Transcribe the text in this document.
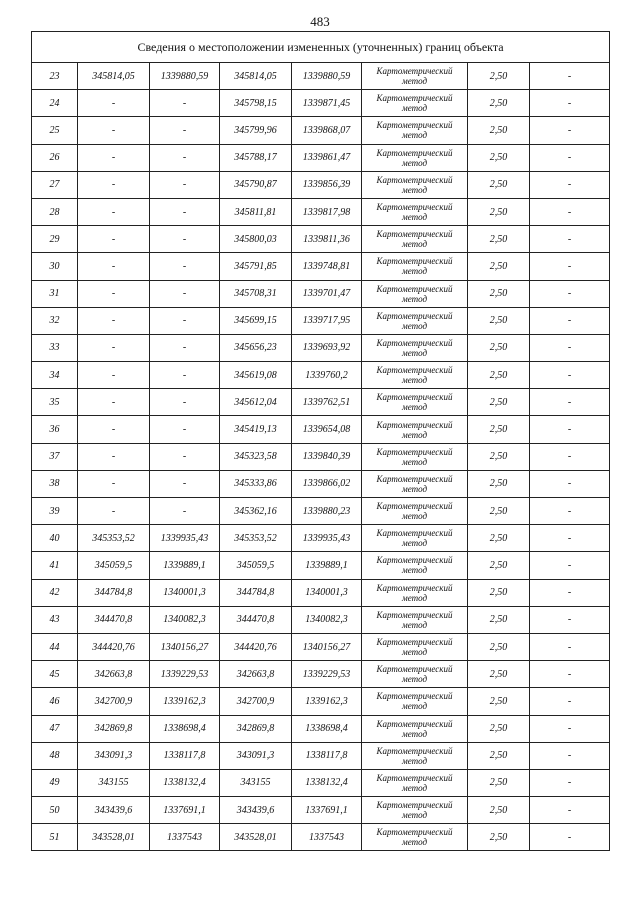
483
Сведения о местоположении измененных (уточненных) границ объекта							
23	345814,05	1339880,59	345814,05	1339880,59	Картометрический метод	2,50	-
24	-	-	345798,15	1339871,45	Картометрический метод	2,50	-
25	-	-	345799,96	1339868,07	Картометрический метод	2,50	-
26	-	-	345788,17	1339861,47	Картометрический метод	2,50	-
27	-	-	345790,87	1339856,39	Картометрический метод	2,50	-
28	-	-	345811,81	1339817,98	Картометрический метод	2,50	-
29	-	-	345800,03	1339811,36	Картометрический метод	2,50	-
30	-	-	345791,85	1339748,81	Картометрический метод	2,50	-
31	-	-	345708,31	1339701,47	Картометрический метод	2,50	-
32	-	-	345699,15	1339717,95	Картометрический метод	2,50	-
33	-	-	345656,23	1339693,92	Картометрический метод	2,50	-
34	-	-	345619,08	1339760,2	Картометрический метод	2,50	-
35	-	-	345612,04	1339762,51	Картометрический метод	2,50	-
36	-	-	345419,13	1339654,08	Картометрический метод	2,50	-
37	-	-	345323,58	1339840,39	Картометрический метод	2,50	-
38	-	-	345333,86	1339866,02	Картометрический метод	2,50	-
39	-	-	345362,16	1339880,23	Картометрический метод	2,50	-
40	345353,52	1339935,43	345353,52	1339935,43	Картометрический метод	2,50	-
41	345059,5	1339889,1	345059,5	1339889,1	Картометрический метод	2,50	-
42	344784,8	1340001,3	344784,8	1340001,3	Картометрический метод	2,50	-
43	344470,8	1340082,3	344470,8	1340082,3	Картометрический метод	2,50	-
44	344420,76	1340156,27	344420,76	1340156,27	Картометрический метод	2,50	-
45	342663,8	1339229,53	342663,8	1339229,53	Картометрический метод	2,50	-
46	342700,9	1339162,3	342700,9	1339162,3	Картометрический метод	2,50	-
47	342869,8	1338698,4	342869,8	1338698,4	Картометрический метод	2,50	-
48	343091,3	1338117,8	343091,3	1338117,8	Картометрический метод	2,50	-
49	343155	1338132,4	343155	1338132,4	Картометрический метод	2,50	-
50	343439,6	1337691,1	343439,6	1337691,1	Картометрический метод	2,50	-
51	343528,01	1337543	343528,01	1337543	Картометрический метод	2,50	-
